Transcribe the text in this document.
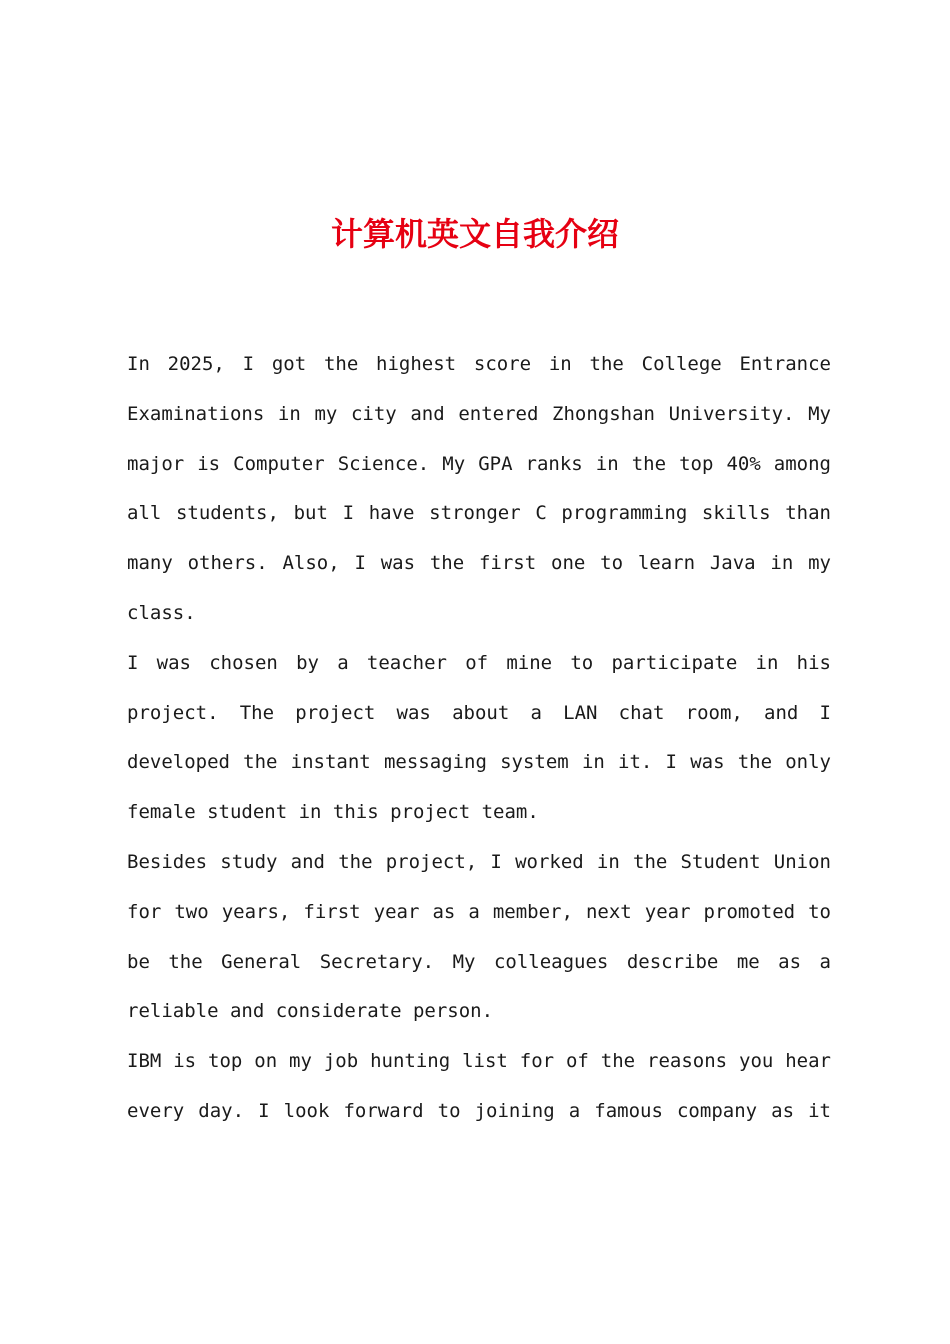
计算机英文自我介绍

In 2025, I got the highest score in the College Entrance Examinations in my city and entered Zhongshan University. My major is Computer Science. My GPA ranks in the top 40% among all students, but I have stronger C programming skills than many others. Also, I was the first one to learn Java in my class.

I was chosen by a teacher of mine to participate in his project. The project was about a LAN chat room, and I developed the instant messaging system in it. I was the only female student in this project team.

Besides study and the project, I worked in the Student Union for two years, first year as a member, next year promoted to be the General Secretary. My colleagues describe me as a reliable and considerate person.

IBM is top on my job hunting list for of the reasons you hear every day. I look forward to joining a famous company as it
